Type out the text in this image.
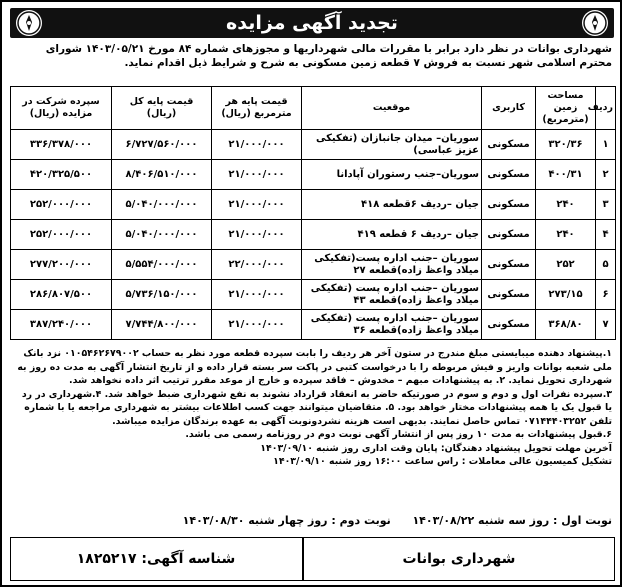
تجدید آگهی مزایده
شهرداری بوانات در نظر دارد برابر با مقررات مالی شهرداریها و مجوزهای شماره ۸۴ مورخ ۱۴۰۳/۰۵/۲۱ شورای محترم اسلامی شهر نسبت به فروش ۷ قطعه زمین مسکونی به شرح و شرایط ذیل اقدام نماید.
ردیف	مساحت زمین (مترمربع)	کاربری	موقعیت	قیمت پایه هر مترمربع (ریال)	قیمت پایه کل (ریال)	سپرده شرکت در مزایده (ریال)
۱	۳۲۰/۳۶	مسکونی	سوریان– میدان جانبازان (تفکیکی عزیز عباسی)	۲۱/۰۰۰/۰۰۰	۶/۷۲۷/۵۶۰/۰۰۰	۳۳۶/۳۷۸/۰۰۰
۲	۴۰۰/۳۱	مسکونی	سوریان–جنب رستوران آپادانا	۲۱/۰۰۰/۰۰۰	۸/۴۰۶/۵۱۰/۰۰۰	۴۲۰/۳۲۵/۵۰۰
۳	۲۴۰	مسکونی	جیان –ردیف ۶قطعه ۴۱۸	۲۱/۰۰۰/۰۰۰	۵/۰۴۰/۰۰۰/۰۰۰	۲۵۲/۰۰۰/۰۰۰
۴	۲۴۰	مسکونی	جیان –ردیف ۶ قطعه ۴۱۹	۲۱/۰۰۰/۰۰۰	۵/۰۴۰/۰۰۰/۰۰۰	۲۵۲/۰۰۰/۰۰۰
۵	۲۵۲	مسکونی	سوریان –جنب اداره پست(تفکیکی میلاد واعظ زاده)قطعه ۲۷	۲۲/۰۰۰/۰۰۰	۵/۵۵۴/۰۰۰/۰۰۰	۲۷۷/۲۰۰/۰۰۰
۶	۲۷۳/۱۵	مسکونی	سوریان –جنب اداره پست (تفکیکی میلاد واعظ زاده)قطعه ۴۳	۲۱/۰۰۰/۰۰۰	۵/۷۳۶/۱۵۰/۰۰۰	۲۸۶/۸۰۷/۵۰۰
۷	۳۶۸/۸۰	مسکونی	سوریان –جنب اداره پست (تفکیکی میلاد واعظ زاده)قطعه ۳۶	۲۱/۰۰۰/۰۰۰	۷/۷۴۴/۸۰۰/۰۰۰	۳۸۷/۲۴۰/۰۰۰

۱.پیشنهاد دهنده میبایستی مبلغ مندرج در ستون آخر هر ردیف را بابت سپرده قطعه مورد نظر به حساب ۰۱۰۵۴۶۲۶۷۹۰۰۲ نزد بانک ملی شعبه بوانات واریز و فیش مربوطه را با درخواست کتبی در پاکت سر بسته قرار داده و از تاریخ انتشار آگهی به مدت ده روز به شهرداری تحویل نماید. ۲. به پیشنهادات مبهم – مخدوش – فاقد سپرده و خارج از موعد مقرر ترتیب اثر داده نخواهد شد.

۳.سپرده نفرات اول و دوم و سوم در صورتیکه حاضر به انعقاد قرارداد نشوند به نفع شهرداری ضبط خواهد شد. ۴.شهرداری در رد یا قبول یک یا همه پیشنهادات مختار خواهد بود. ۵. متقاضیان میتوانند جهت کسب اطلاعات بیشتر به شهرداری مراجعه یا با شماره تلفن ۰۷۱۴۴۴۰۳۲۵۲ تماس حاصل نمایند. بدیهی است هزینه نشردونوبت آگهی به عهده برندگان مزایده میباشد.

۶.قبول پیشنهادات به مدت ۱۰ روز پس از انتشار آگهی نوبت دوم در روزنامه رسمی می باشد.

آخرین مهلت تحویل پیشنهاد دهندگان: پایان وقت اداری روز شنبه ۱۴۰۳/۰۹/۱۰

تشکیل کمیسیون عالی معاملات : راس ساعت ۱۶:۰۰ روز شنبه ۱۴۰۳/۰۹/۱۰

نوبت اول : روز سه شنبه ۱۴۰۳/۰۸/۲۲  نوبت دوم : روز چهار شنبه ۱۴۰۳/۰۸/۳۰
شهرداری بوانات
شناسه آگهی: ۱۸۲۵۲۱۷
